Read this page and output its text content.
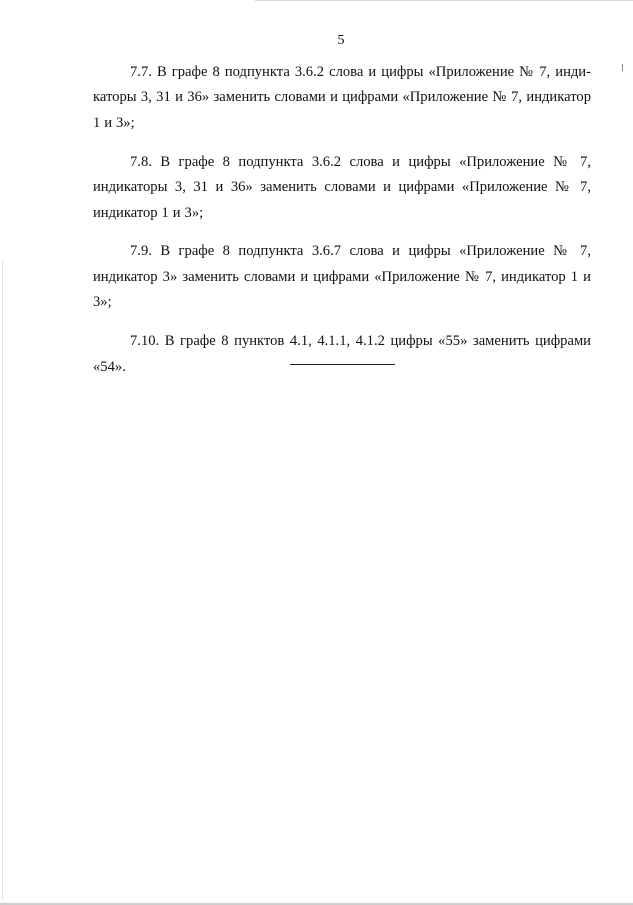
5

7.7. В графе 8 подпункта 3.6.2 слова и цифры «Приложение № 7, индикаторы 3, 31 и 36» заменить словами и цифрами «Приложение № 7, индикатор 1 и 3»;

7.8. В графе 8 подпункта 3.6.2 слова и цифры «Приложение № 7, индикаторы 3, 31 и 36» заменить словами и цифрами «Приложение № 7, индикатор 1 и 3»;

7.9. В графе 8 подпункта 3.6.7 слова и цифры «Приложение № 7, индикатор 3» заменить словами и цифрами «Приложение № 7, индикатор 1 и 3»;

7.10. В графе 8 пунктов 4.1, 4.1.1, 4.1.2 цифры «55» заменить цифрами «54».
